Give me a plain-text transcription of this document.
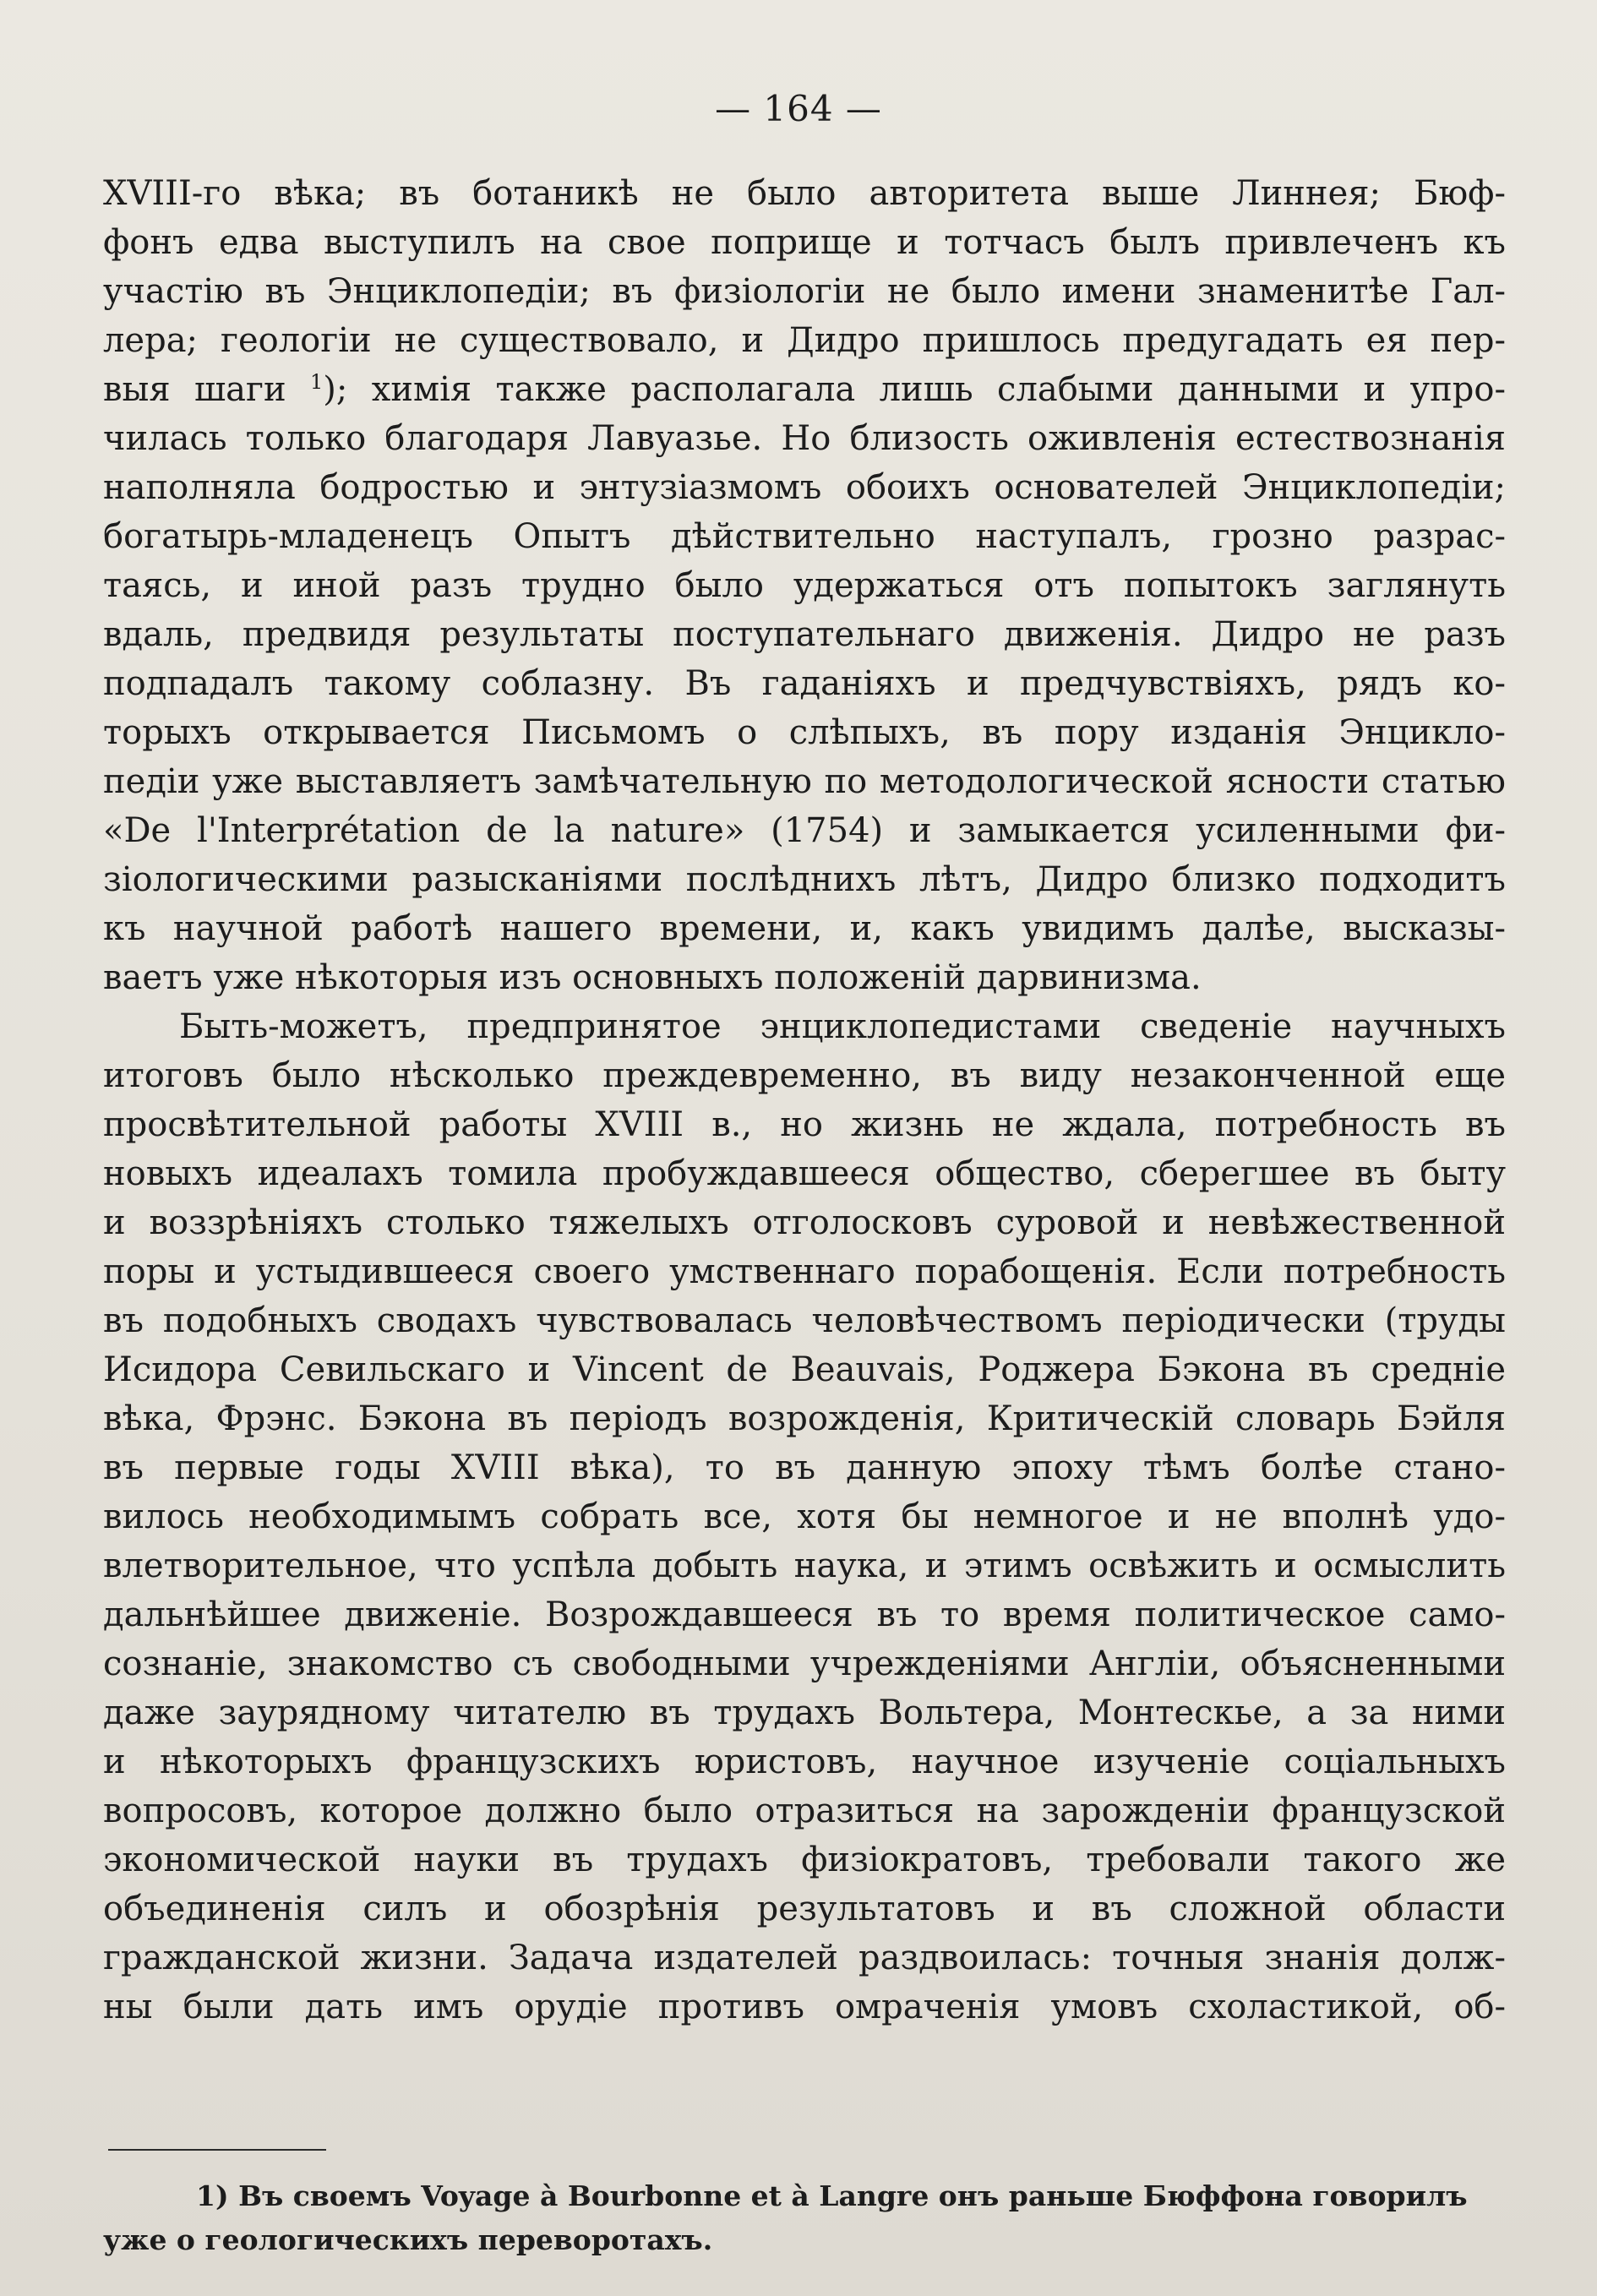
— 164 —
XVIII-го вѣка; въ ботаникѣ не было авторитета выше Линнея; Бюф-
фонъ едва выступилъ на свое поприще и тотчасъ былъ привлеченъ къ
участію въ Энциклопедіи; въ физіологіи не было имени знаменитѣе Гал-
лера; геологіи не существовало, и Дидро пришлось предугадать ея пер-
выя шаги $^1$); химія также располагала лишь слабыми данными и упро-
чилась только благодаря Лавуазье. Но близость оживленія естествознанія
наполняла бодростью и энтузіазмомъ обоихъ основателей Энциклопедіи;
богатырь-младенецъ Опытъ дѣйствительно наступалъ, грозно разрас-
таясь, и иной разъ трудно было удержаться отъ попытокъ заглянуть
вдаль, предвидя результаты поступательнаго движенія. Дидро не разъ
подпадалъ такому соблазну. Въ гаданіяхъ и предчувствіяхъ, рядъ ко-
торыхъ открывается Письмомъ о слѣпыхъ, въ пору изданія Энцикло-
педіи уже выставляетъ замѣчательную по методологической ясности статью
«De l'Interprétation de la nature» (1754) и замыкается усиленными фи-
зіологическими разысканіями послѣднихъ лѣтъ, Дидро близко подходитъ
къ научной работѣ нашего времени, и, какъ увидимъ далѣе, высказы-
ваетъ уже нѣкоторыя изъ основныхъ положеній дарвинизма.
Быть-можетъ, предпринятое энциклопедистами сведеніе научныхъ
итоговъ было нѣсколько преждевременно, въ виду незаконченной еще
просвѣтительной работы XVIII в., но жизнь не ждала, потребность въ
новыхъ идеалахъ томила пробуждавшееся общество, сберегшее въ быту
и воззрѣніяхъ столько тяжелыхъ отголосковъ суровой и невѣжественной
поры и устыдившееся своего умственнаго порабощенія. Если потребность
въ подобныхъ сводахъ чувствовалась человѣчествомъ періодически (труды
Исидора Севильскаго и Vincent de Beauvais, Роджера Бэкона въ средніе
вѣка, Фрэнс. Бэкона въ періодъ возрожденія, Критическій словарь Бэйля
въ первые годы XVIII вѣка), то въ данную эпоху тѣмъ болѣе стано-
вилось необходимымъ собрать все, хотя бы немногое и не вполнѣ удо-
влетворительное, что успѣла добыть наука, и этимъ освѣжить и осмыслить
дальнѣйшее движеніе. Возрождавшееся въ то время политическое само-
сознаніе, знакомство съ свободными учрежденіями Англіи, объясненными
даже заурядному читателю въ трудахъ Вольтера, Монтескье, а за ними
и нѣкоторыхъ французскихъ юристовъ, научное изученіе соціальныхъ
вопросовъ, которое должно было отразиться на зарожденіи французской
экономической науки въ трудахъ физіократовъ, требовали такого же
объединенія силъ и обозрѣнія результатовъ и въ сложной области
гражданской жизни. Задача издателей раздвоилась: точныя знанія долж-
ны были дать имъ орудіе противъ омраченія умовъ схоластикой, об-
1) Въ своемъ Voyage à Bourbonne et à Langre онъ раньше Бюффона говорилъ
уже о геологическихъ переворотахъ.
